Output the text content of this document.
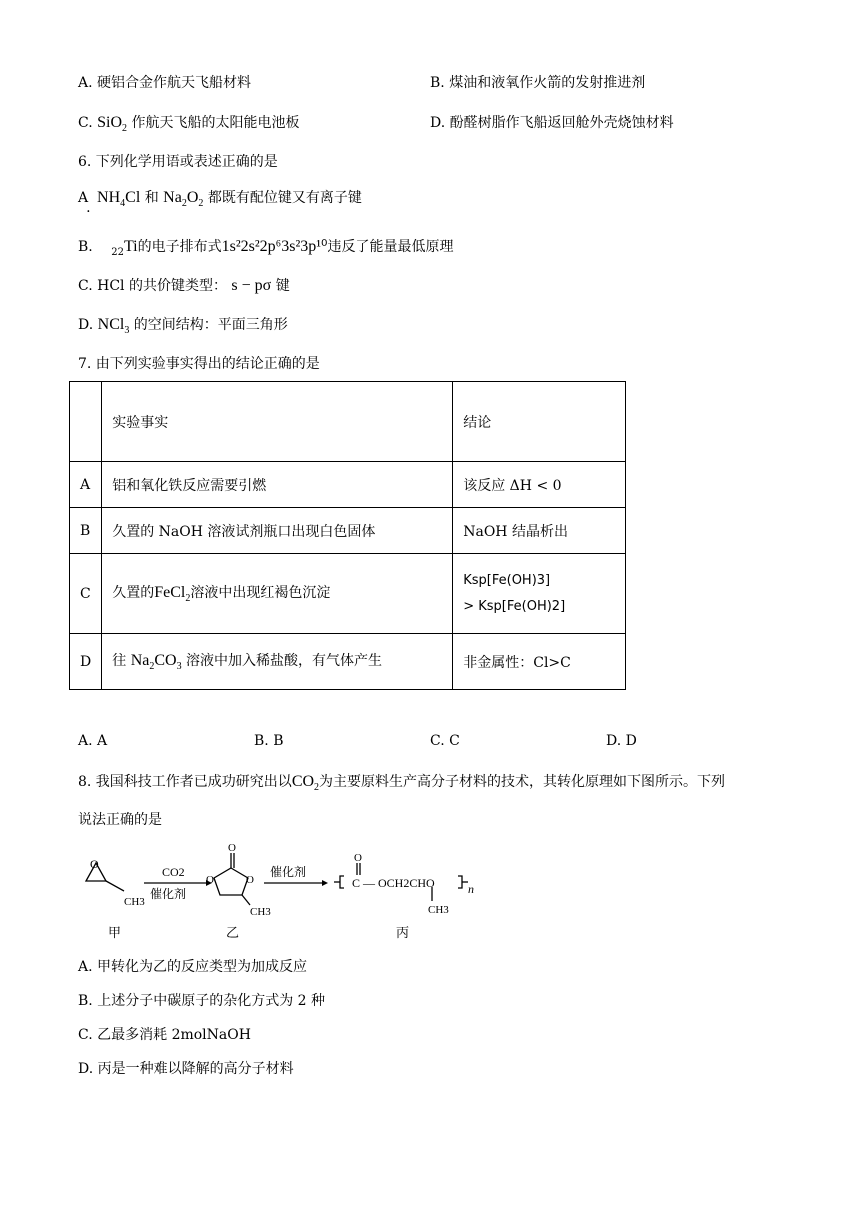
A. 硬铝合金作航天飞船材料	B. 煤油和液氧作火箭的发射推进剂
C. SiO$_2$ 作航天飞船的太阳能电池板	D. 酚醛树脂作飞船返回舱外壳烧蚀材料
6. 下列化学用语或表述正确的是
A. $NH_4Cl$ 和 $Na_2O_2$ 都既有配位键又有离子键
B. $_{22}$Ti的电子排布式1s²2s²2p⁶3s²3p¹⁰违反了能量最低原理
C. HCl 的共价键类型： s − pσ 键
D. NCl$_3$ 的空间结构：平面三角形
7. 由下列实验事实得出的结论正确的是
	实验事实	结论
A	铝和氧化铁反应需要引燃	该反应 ΔH < 0
B	久置的 NaOH 溶液试剂瓶口出现白色固体	NaOH 结晶析出
C	久置的FeCl$_2$溶液中出现红褐色沉淀	Ksp[Fe(OH)3]
> Ksp[Fe(OH)2]

D	往 $Na_2CO_3$ 溶液中加入稀盐酸，有气体产生	非金属性：Cl>C
A. A	B. B	C. C	D. D
8. 我国科技工作者已成功研究出以$CO_2$为主要原料生产高分子材料的技术，其转化原理如下图所示。下列
说法正确的是
O
CH3
CO2
催化剂
O
O	O
CH3
催化剂
O
C — OCH2CHO
CH3
n
甲	乙	丙
A. 甲转化为乙的反应类型为加成反应
B. 上述分子中碳原子的杂化方式为 2 种
C. 乙最多消耗 2molNaOH
D. 丙是一种难以降解的高分子材料
